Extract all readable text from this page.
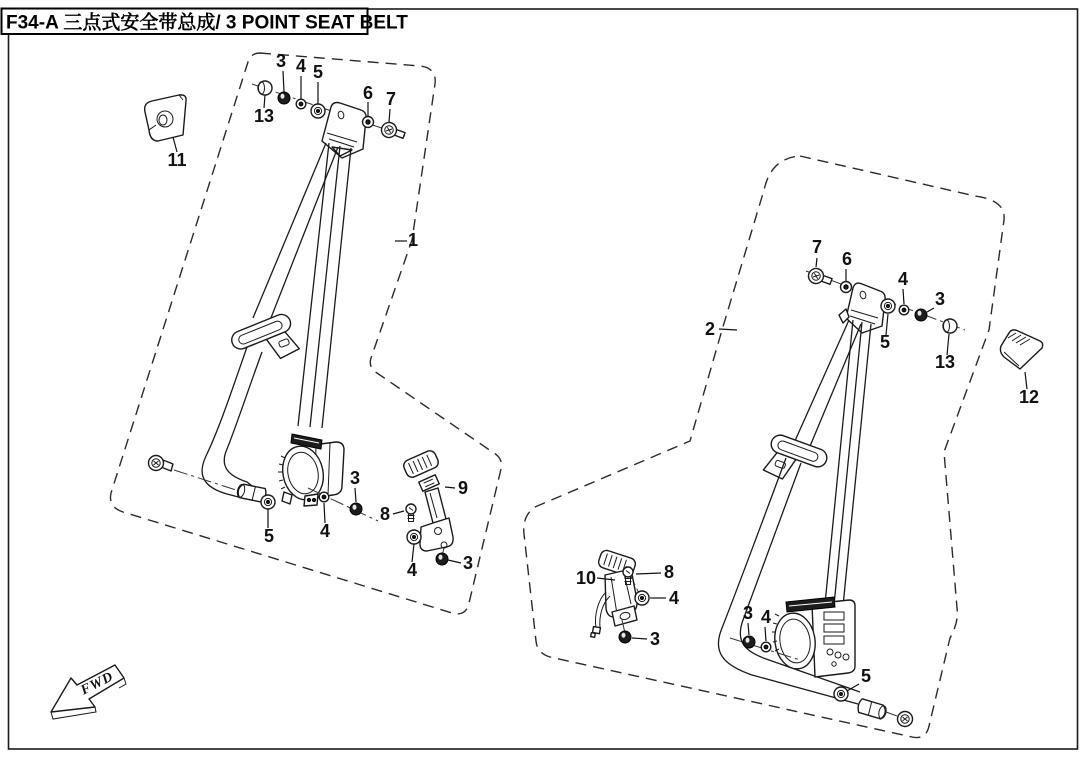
F34-A 三点式安全带总成/ 3 POINT SEAT BELT
3 4 5
13
6 7
11
1
5	4
3
8
9
4	3
7
6
4
3
5
13
2
12
10	8
4
3
3 4
5
FWD
